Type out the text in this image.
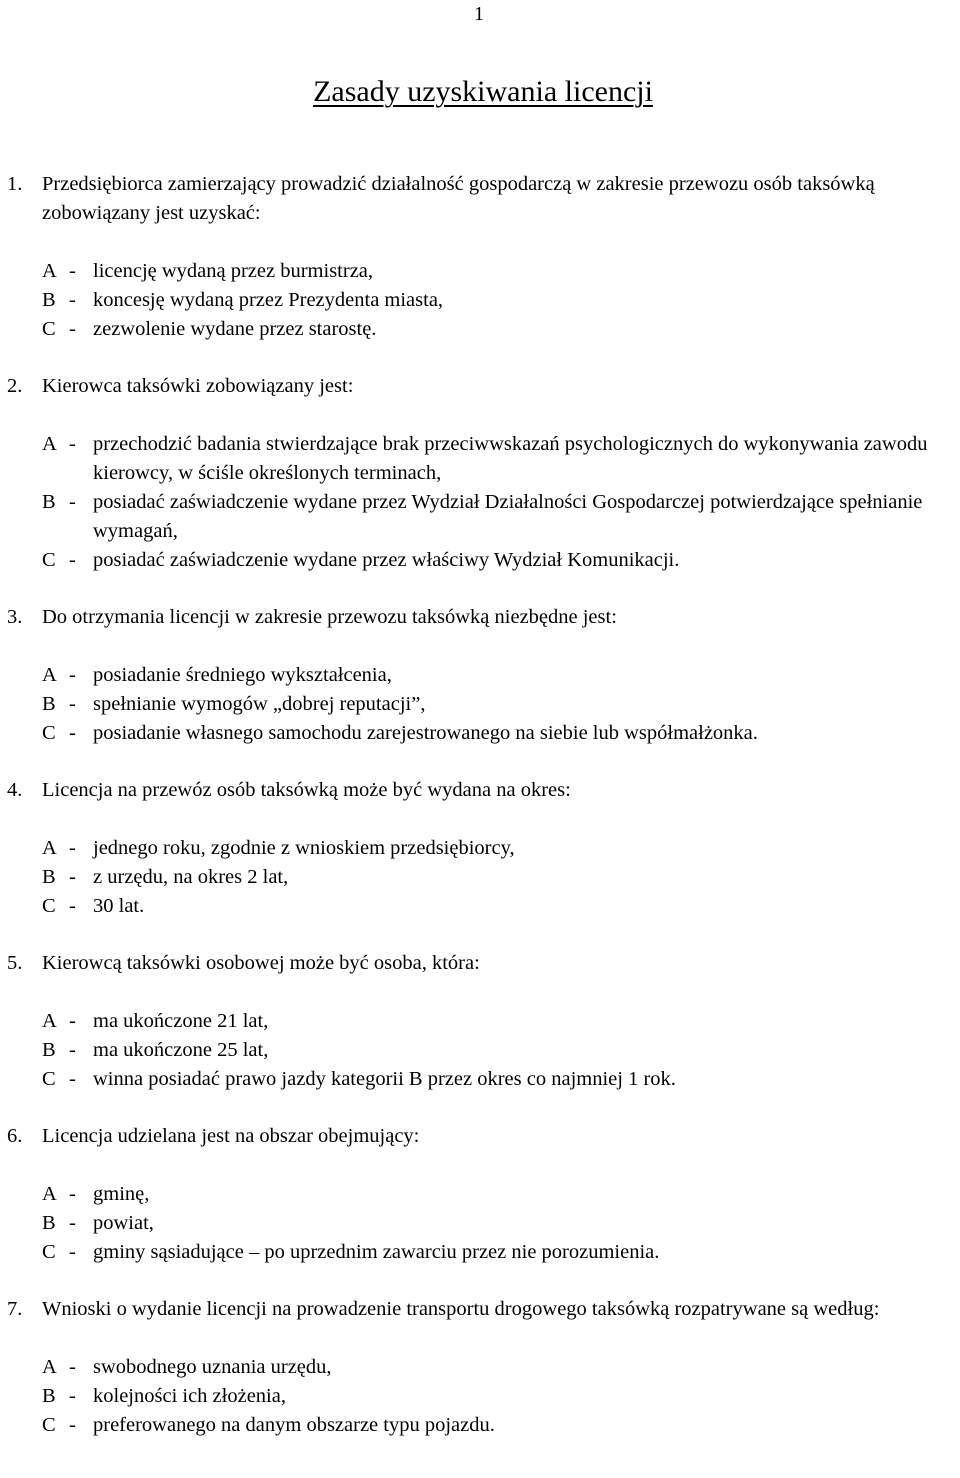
1
Zasady uzyskiwania licencji
1. Przedsiębiorca zamierzający prowadzić działalność gospodarczą w zakresie przewozu osób taksówką zobowiązany jest uzyskać:

A - licencję wydaną przez burmistrza,
B - koncesję wydaną przez Prezydenta miasta,
C - zezwolenie wydane przez starostę.
2. Kierowca taksówki zobowiązany jest:

A - przechodzić badania stwierdzające brak przeciwwskazań psychologicznych do wykonywania zawodu kierowcy, w ściśle określonych terminach,
B - posiadać zaświadczenie wydane przez Wydział Działalności Gospodarczej potwierdzające spełnianie wymagań,
C - posiadać zaświadczenie wydane przez właściwy Wydział Komunikacji.
3. Do otrzymania licencji w zakresie przewozu taksówką niezbędne jest:

A - posiadanie średniego wykształcenia,
B - spełnianie wymogów „dobrej reputacji”,
C - posiadanie własnego samochodu zarejestrowanego na siebie lub współmałżonka.
4. Licencja na przewóz osób taksówką może być wydana na okres:

A - jednego roku, zgodnie z wnioskiem przedsiębiorcy,
B - z urzędu, na okres 2 lat,
C - 30 lat.
5. Kierowcą taksówki osobowej może być osoba, która:

A - ma ukończone 21 lat,
B - ma ukończone 25 lat,
C - winna posiadać prawo jazdy kategorii B przez okres co najmniej 1 rok.
6. Licencja udzielana jest na obszar obejmujący:

A - gminę,
B - powiat,
C - gminy sąsiadujące – po uprzednim zawarciu przez nie porozumienia.
7. Wnioski o wydanie licencji na prowadzenie transportu drogowego taksówką rozpatrywane są według:

A - swobodnego uznania urzędu,
B - kolejności ich złożenia,
C - preferowanego na danym obszarze typu pojazdu.
